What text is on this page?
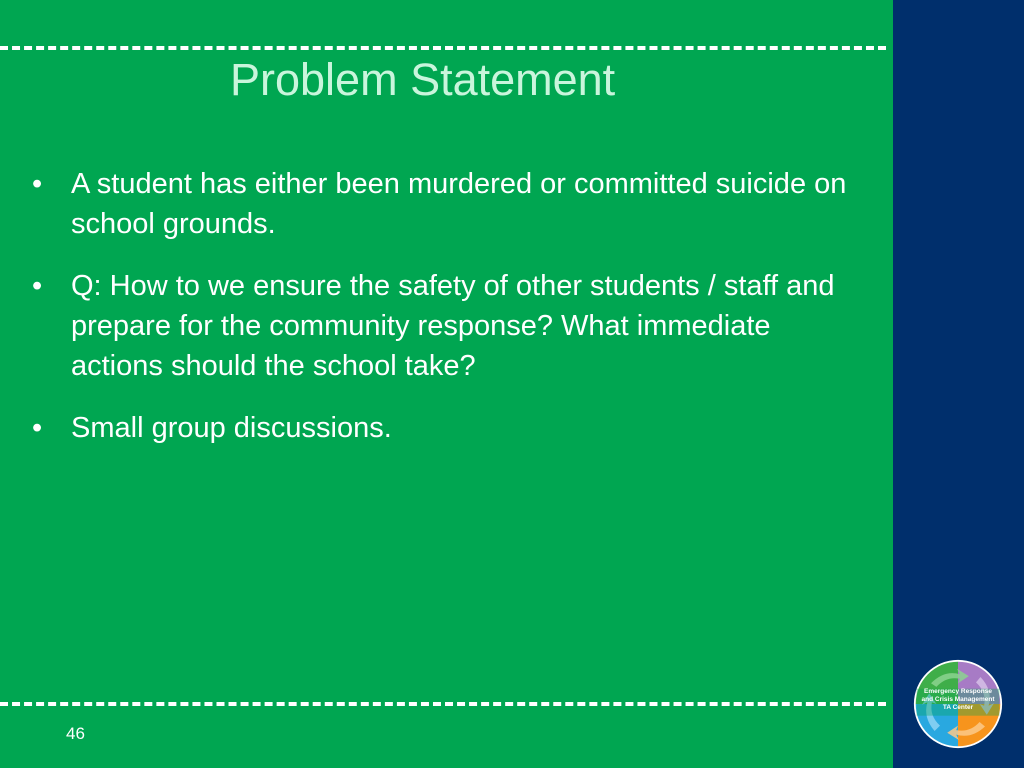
Problem Statement
• A student has either been murdered or committed suicide on school grounds.
• Q: How to we ensure the safety of other students / staff and prepare for the community response? What immediate actions should the school take?
• Small group discussions.
46
Emergency Response
and Crisis Management
TA Center
